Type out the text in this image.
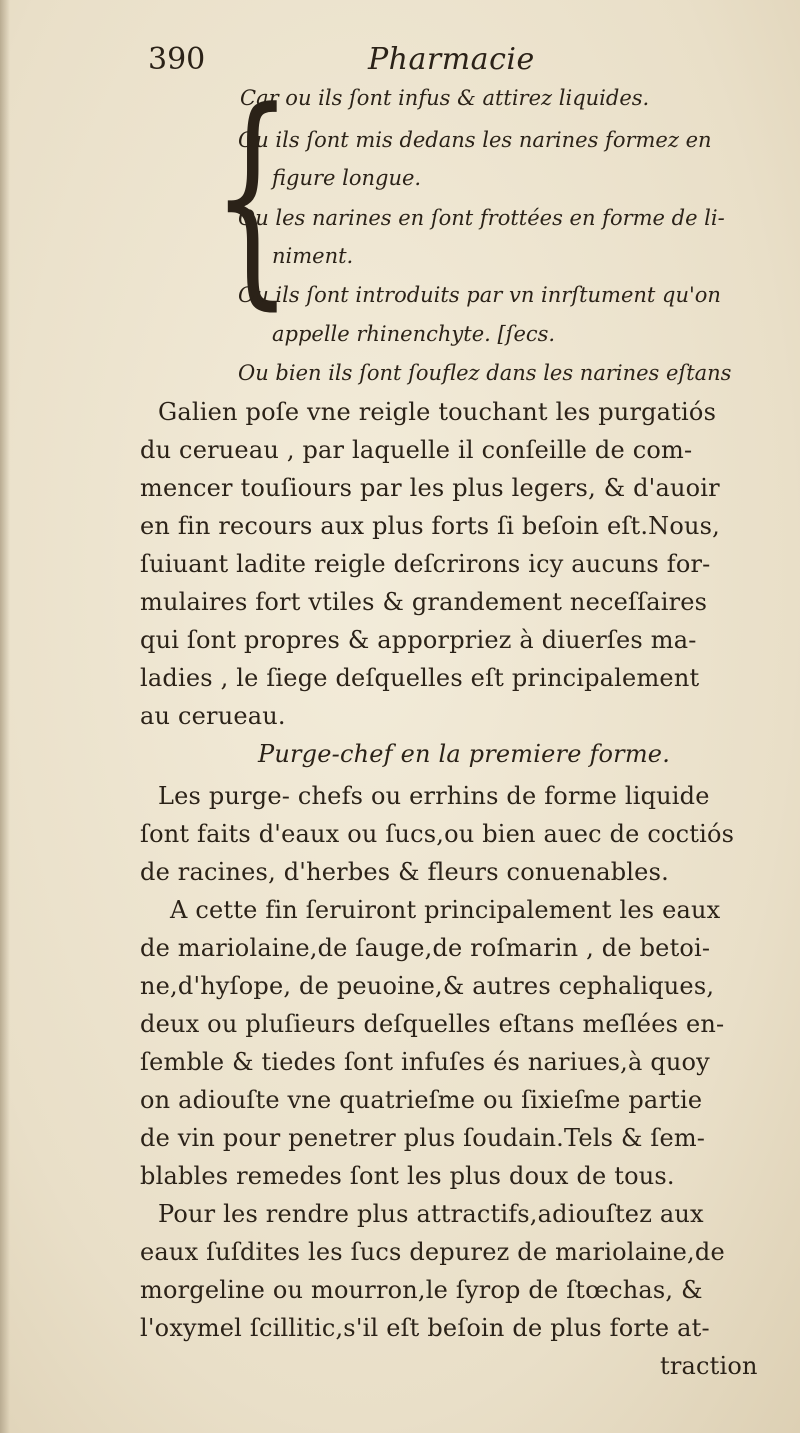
390	Pharmacie
{
Car ou ils ſont infus & attirez liquides.
Ou ils ſont mis dedans les narines formez en
figure longue.
Ou les narines en ſont frottées en forme de li-
niment.
Ou ils ſont introduits par vn inrſtument qu'on
appelle rhinenchyte. [ſecs.
Ou bien ils ſont ſouflez dans les narines eſtans
Galien poſe vne reigle touchant les purgatiós
du cerueau , par laquelle il conſeille de com-
mencer touſiours par les plus legers, & d'auoir
en fin recours aux plus forts ſi beſoin eſt.Nous,
ſuiuant ladite reigle deſcrirons icy aucuns for-
mulaires fort vtiles & grandement neceſſaires
qui ſont propres & apporpriez à diuerſes ma-
ladies , le ſiege deſquelles eſt principalement
au cerueau.
Purge-chef en la premiere forme.
Les purge- chefs ou errhins de forme liquide
ſont faits d'eaux ou ſucs,ou bien auec de coctiós
de racines, d'herbes & fleurs conuenables.
A cette fin ſeruiront principalement les eaux
de mariolaine,de ſauge,de roſmarin , de betoi-
ne,d'hyſope, de peuoine,& autres cephaliques,
deux ou pluſieurs deſquelles eſtans meſlées en-
ſemble & tiedes ſont infuſes és nariues,à quoy
on adiouſte vne quatrieſme ou ſixieſme partie
de vin pour penetrer plus ſoudain.Tels & ſem-
blables remedes ſont les plus doux de tous.
Pour les rendre plus attractifs,adiouſtez aux
eaux ſuſdites les ſucs depurez de mariolaine,de
morgeline ou mourron,le ſyrop de ſtœchas, &
l'oxymel ſcillitic,s'il eſt beſoin de plus forte at-
traction
